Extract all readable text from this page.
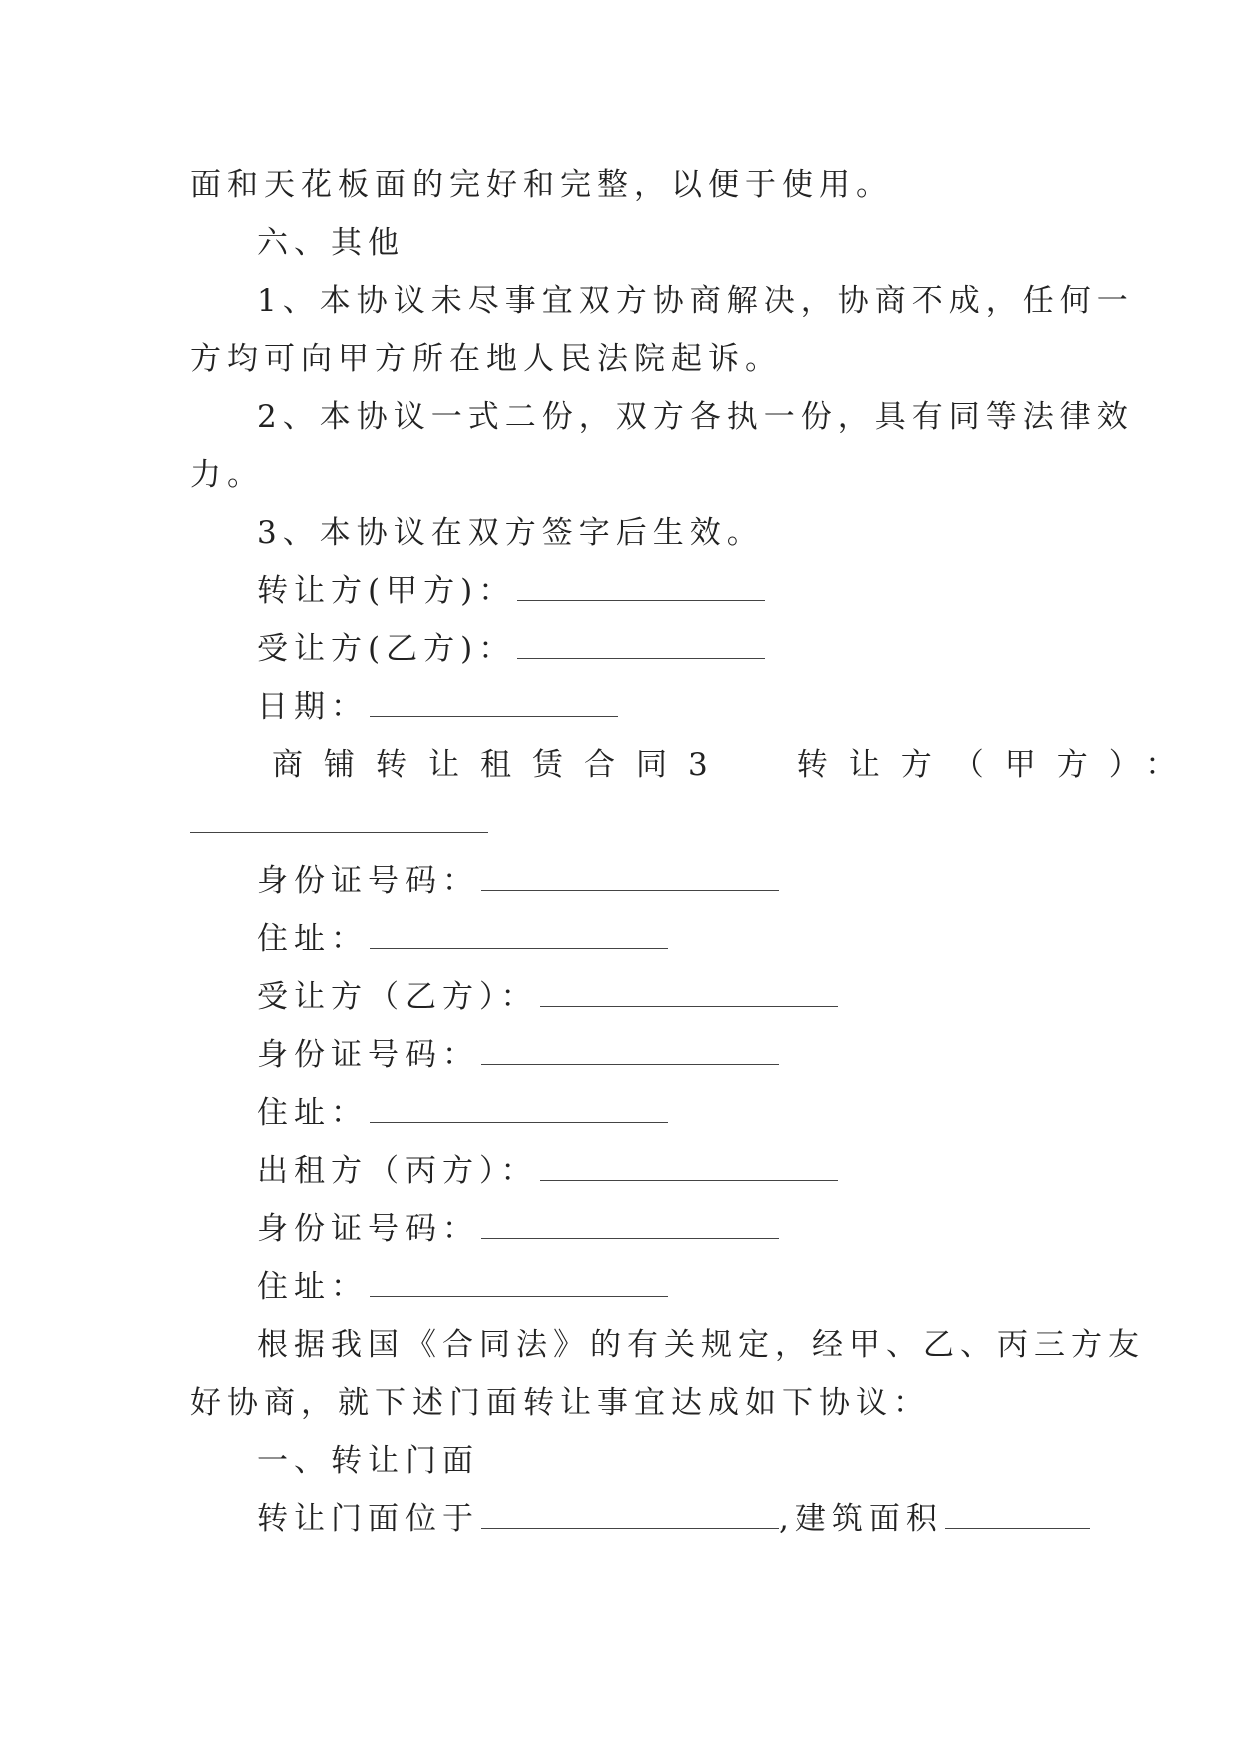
面和天花板面的完好和完整，以便于使用。
六、其他
1、本协议未尽事宜双方协商解决，协商不成，任何一
方均可向甲方所在地人民法院起诉。
2、本协议一式二份，双方各执一份，具有同等法律效
力。
3、本协议在双方签字后生效。
转让方(甲方)：
受让方(乙方)：
日期：
商铺转让租赁合同3 转让方（甲方）：
身份证号码：
住址：
受让方（乙方）：
身份证号码：
住址：
出租方（丙方）：
身份证号码：
住址：
根据我国《合同法》的有关规定，经甲、乙、丙三方友
好协商，就下述门面转让事宜达成如下协议：
一、转让门面
转让门面位于	,建筑面积
